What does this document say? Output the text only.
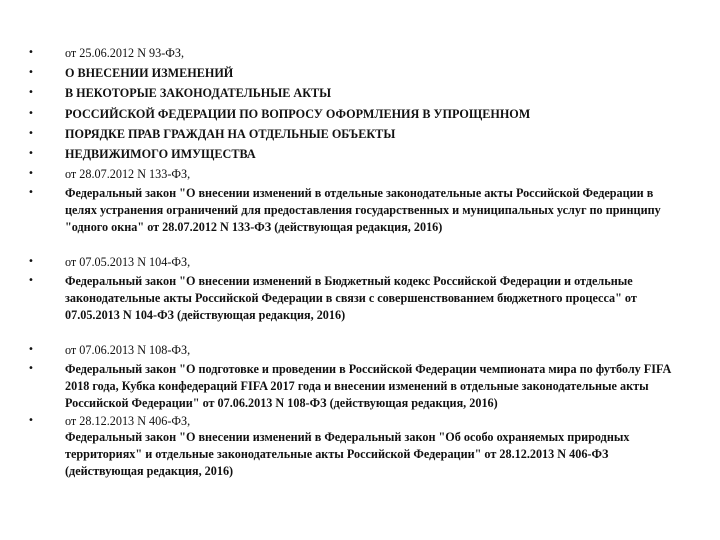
•	от 25.06.2012 N 93-ФЗ,
•	О ВНЕСЕНИИ ИЗМЕНЕНИЙ
•	В НЕКОТОРЫЕ ЗАКОНОДАТЕЛЬНЫЕ АКТЫ
•	РОССИЙСКОЙ ФЕДЕРАЦИИ ПО ВОПРОСУ ОФОРМЛЕНИЯ В УПРОЩЕННОМ
•	ПОРЯДКЕ ПРАВ ГРАЖДАН НА ОТДЕЛЬНЫЕ ОБЪЕКТЫ
•	НЕДВИЖИМОГО ИМУЩЕСТВА
•	от 28.07.2012 N 133-ФЗ,
•	Федеральный закон "О внесении изменений в отдельные законодательные акты Российской Федерации в целях устранения ограничений для предоставления государственных и муниципальных услуг по принципу "одного окна" от 28.07.2012 N 133-ФЗ (действующая редакция, 2016)
•	от 07.05.2013 N 104-ФЗ,
•	Федеральный закон "О внесении изменений в Бюджетный кодекс Российской Федерации и отдельные законодательные акты Российской Федерации в связи с совершенствованием бюджетного процесса" от 07.05.2013 N 104-ФЗ (действующая редакция, 2016)
•	от 07.06.2013 N 108-ФЗ,
•	Федеральный закон "О подготовке и проведении в Российской Федерации чемпионата мира по футболу FIFA 2018 года, Кубка конфедераций FIFA 2017 года и внесении изменений в отдельные законодательные акты Российской Федерации" от 07.06.2013 N 108-ФЗ (действующая редакция, 2016)
•	от 28.12.2013 N 406-ФЗ,
Федеральный закон "О внесении изменений в Федеральный закон "Об особо охраняемых природных территориях" и отдельные законодательные акты Российской Федерации" от 28.12.2013 N 406-ФЗ (действующая редакция, 2016)
